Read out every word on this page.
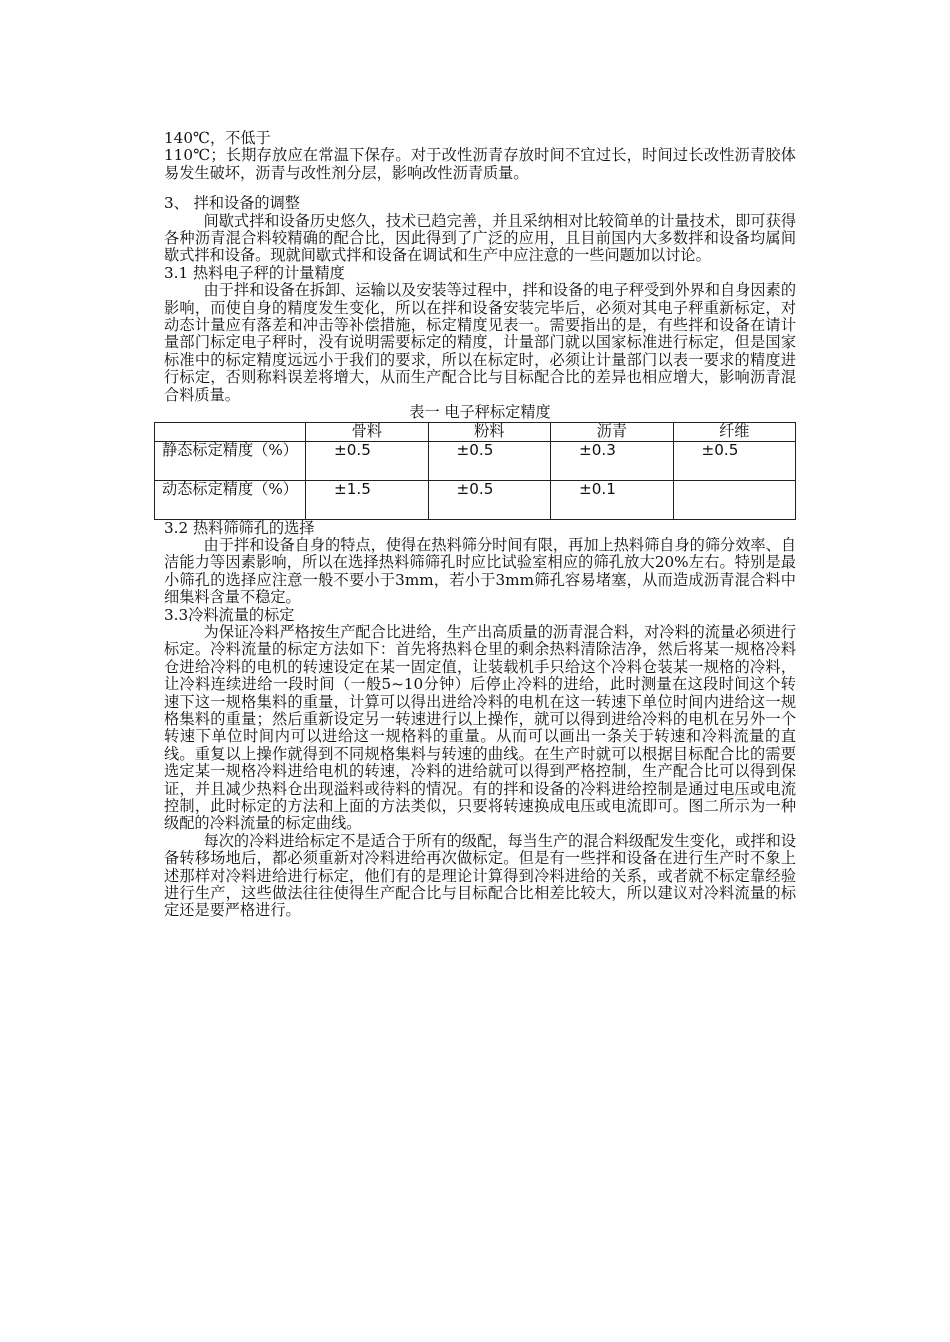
140℃，不低于

110℃；长期存放应在常温下保存。对于改性沥青存放时间不宜过长，时间过长改性沥青胶体易发生破坏，沥青与改性剂分层，影响改性沥青质量。

3、 拌和设备的调整

间歇式拌和设备历史悠久，技术已趋完善，并且采纳相对比较简单的计量技术，即可获得各种沥青混合料较精确的配合比，因此得到了广泛的应用，且目前国内大多数拌和设备均属间歇式拌和设备。现就间歇式拌和设备在调试和生产中应注意的一些问题加以讨论。

3.1 热料电子秤的计量精度

由于拌和设备在拆卸、运输以及安装等过程中，拌和设备的电子秤受到外界和自身因素的影响，而使自身的精度发生变化，所以在拌和设备安装完毕后，必须对其电子秤重新标定，对动态计量应有落差和冲击等补偿措施，标定精度见表一。需要指出的是，有些拌和设备在请计量部门标定电子秤时，没有说明需要标定的精度，计量部门就以国家标准进行标定，但是国家标准中的标定精度远远小于我们的要求，所以在标定时，必须让计量部门以表一要求的精度进行标定，否则称料误差将增大，从而生产配合比与目标配合比的差异也相应增大，影响沥青混合料质量。

表一 电子秤标定精度

	骨料	粉料	沥青	纤维
静态标定精度（%）	±0.5	±0.5	±0.3	±0.5
动态标定精度（%）	±1.5	±0.5	±0.1	

3.2 热料筛筛孔的选择

由于拌和设备自身的特点，使得在热料筛分时间有限，再加上热料筛自身的筛分效率、自洁能力等因素影响，所以在选择热料筛筛孔时应比试验室相应的筛孔放大20%左右。特别是最小筛孔的选择应注意一般不要小于3mm，若小于3mm筛孔容易堵塞，从而造成沥青混合料中细集料含量不稳定。

3.3冷料流量的标定

为保证冷料严格按生产配合比进给，生产出高质量的沥青混合料，对冷料的流量必须进行标定。冷料流量的标定方法如下：首先将热料仓里的剩余热料清除洁净，然后将某一规格冷料仓进给冷料的电机的转速设定在某一固定值，让装载机手只给这个冷料仓装某一规格的冷料，让冷料连续进给一段时间（一般5~10分钟）后停止冷料的进给，此时测量在这段时间这个转速下这一规格集料的重量，计算可以得出进给冷料的电机在这一转速下单位时间内进给这一规格集料的重量；然后重新设定另一转速进行以上操作，就可以得到进给冷料的电机在另外一个转速下单位时间内可以进给这一规格料的重量。从而可以画出一条关于转速和冷料流量的直线。重复以上操作就得到不同规格集料与转速的曲线。在生产时就可以根据目标配合比的需要选定某一规格冷料进给电机的转速，冷料的进给就可以得到严格控制，生产配合比可以得到保证，并且减少热料仓出现溢料或待料的情况。有的拌和设备的冷料进给控制是通过电压或电流控制，此时标定的方法和上面的方法类似，只要将转速换成电压或电流即可。图二所示为一种级配的冷料流量的标定曲线。

每次的冷料进给标定不是适合于所有的级配，每当生产的混合料级配发生变化，或拌和设备转移场地后，都必须重新对冷料进给再次做标定。但是有一些拌和设备在进行生产时不象上述那样对冷料进给进行标定，他们有的是理论计算得到冷料进给的关系，或者就不标定靠经验进行生产，这些做法往往使得生产配合比与目标配合比相差比较大，所以建议对冷料流量的标定还是要严格进行。
